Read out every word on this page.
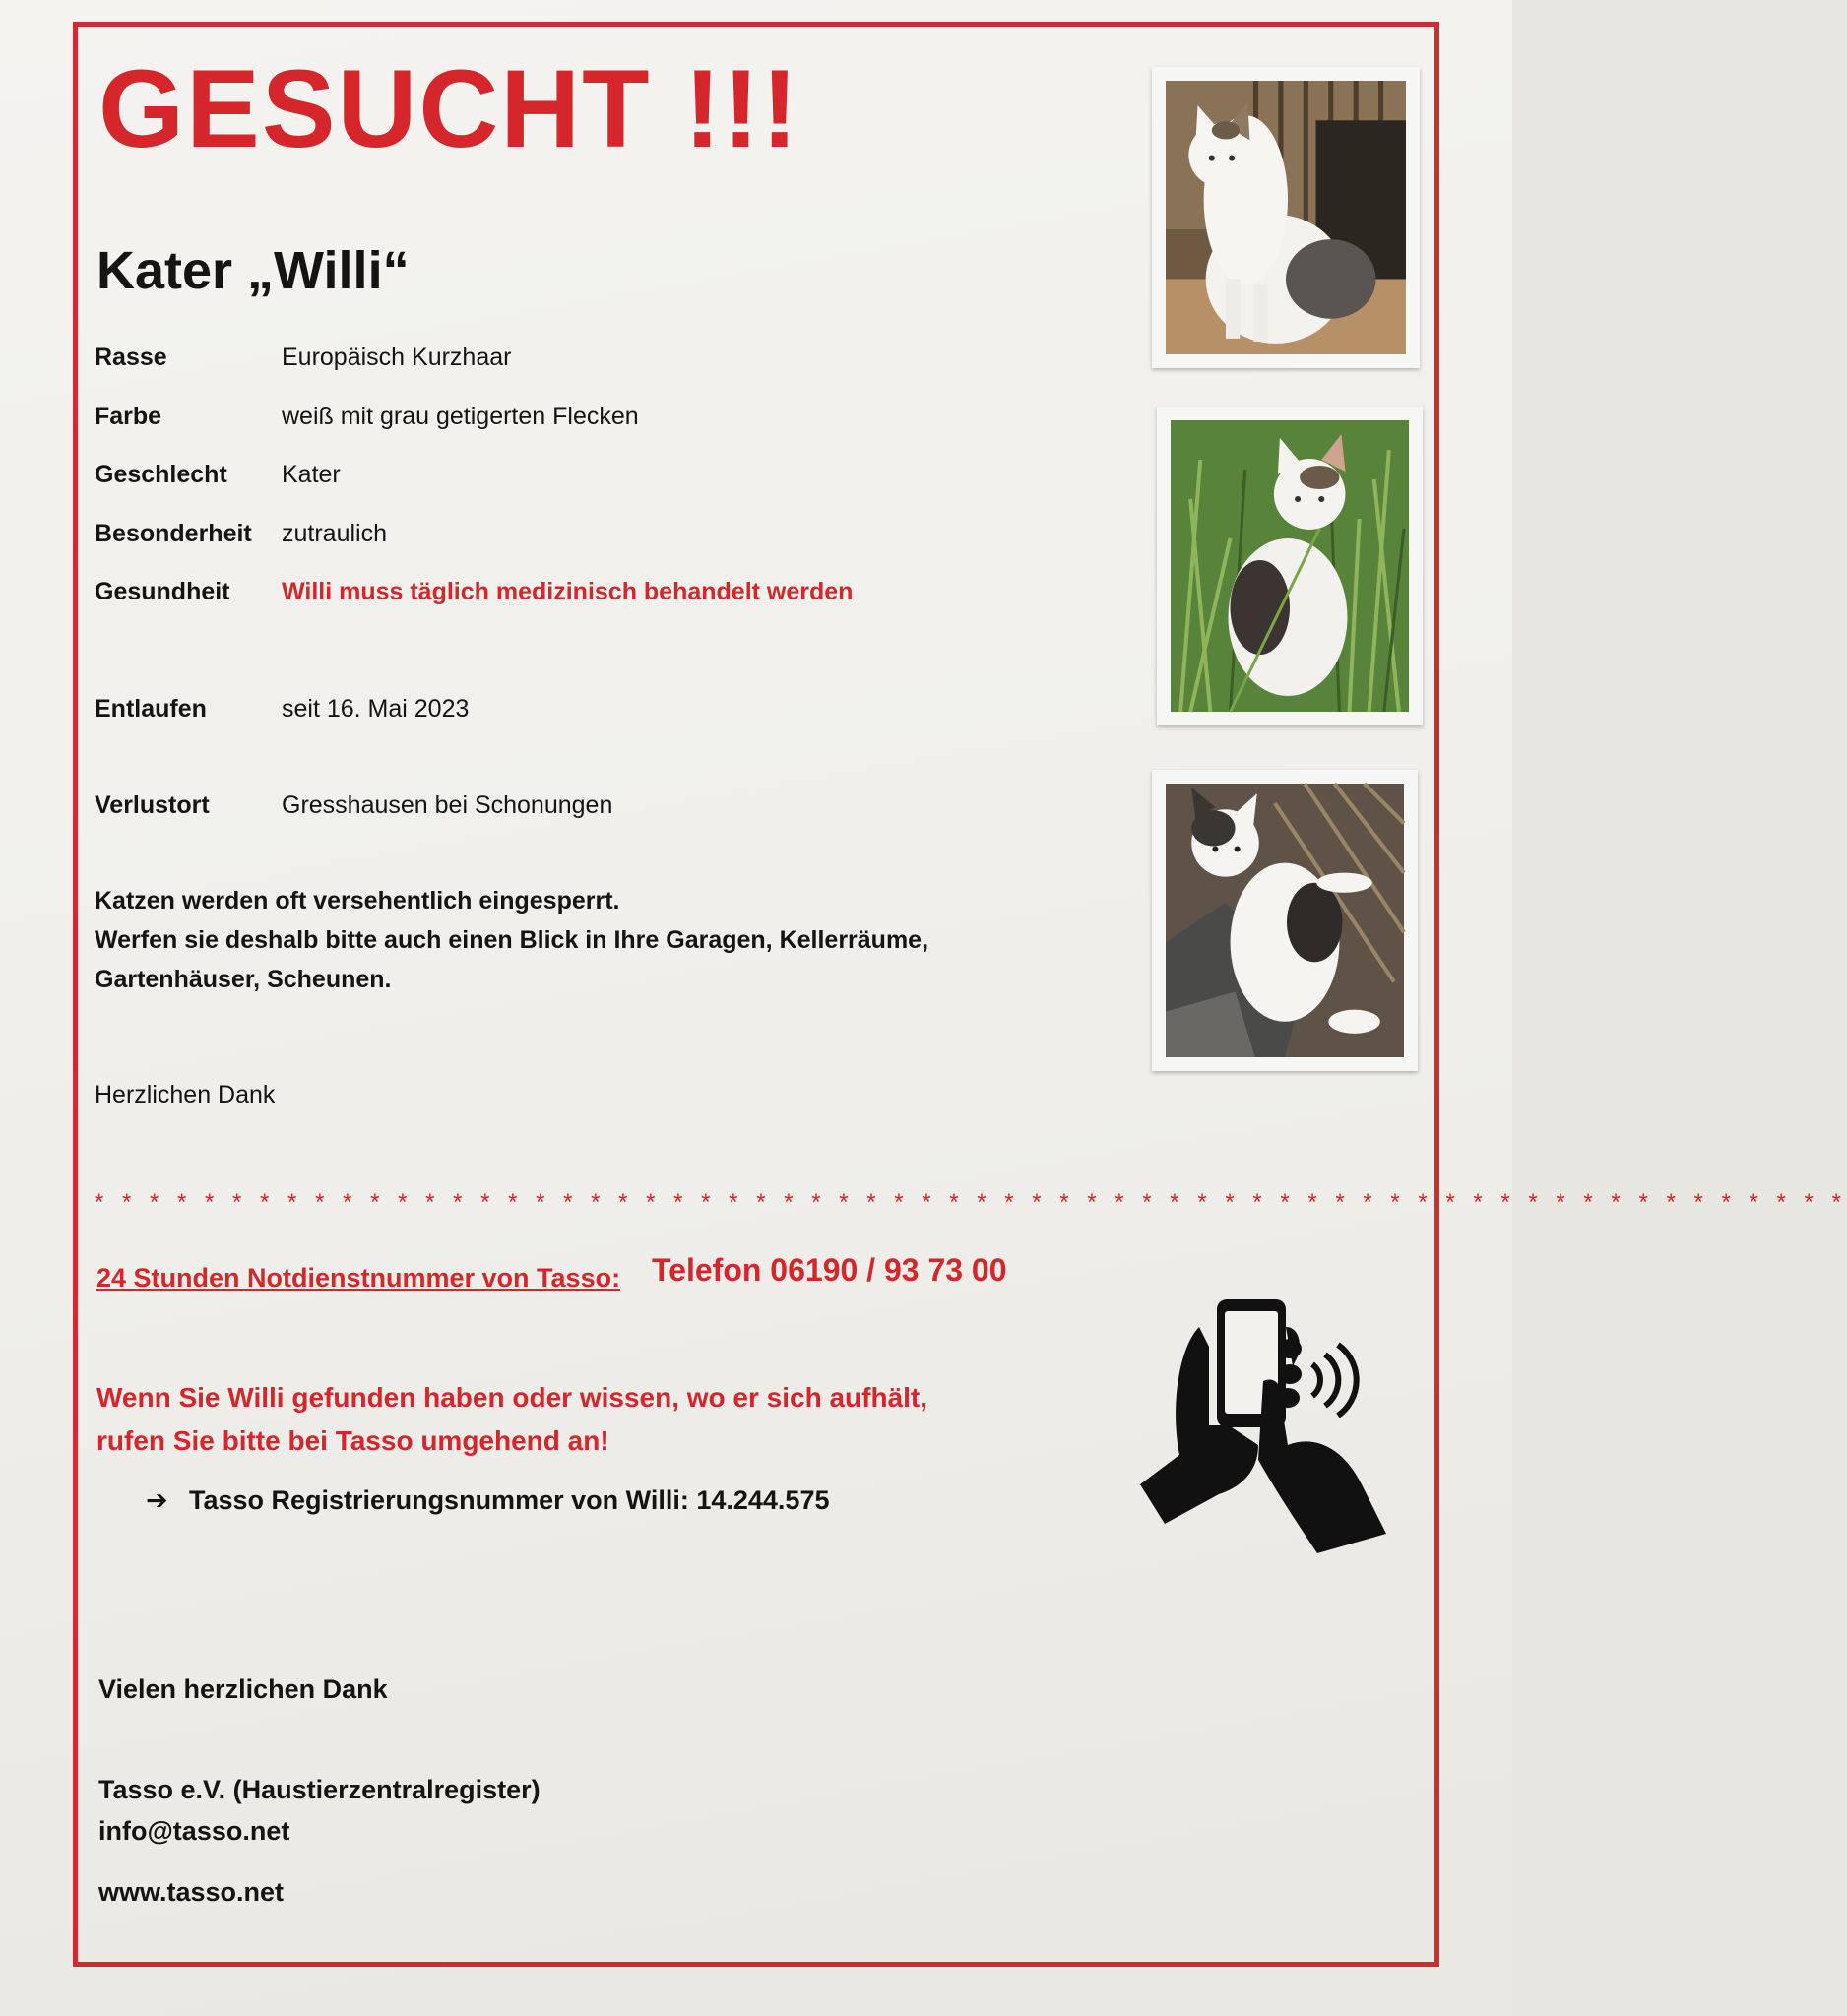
GESUCHT !!!
Kater „Willi“
Rasse	Europäisch Kurzhaar
Farbe	weiß mit grau getigerten Flecken
Geschlecht	Kater
Besonderheit	zutraulich
Gesundheit	Willi muss täglich medizinisch behandelt werden
Entlaufen	seit 16. Mai 2023
Verlustort	Gresshausen bei Schonungen
Katzen werden oft versehentlich eingesperrt.
Werfen sie deshalb bitte auch einen Blick in Ihre Garagen, Kellerräume,
Gartenhäuser, Scheunen.
Herzlichen Dank
* * * * * * * * * * * * * * * * * * * * * * * * * * * * * * * * * * * * * * * * * * * * * * * * * * * * * * * * * * * * * * * *
24 Stunden Notdienstnummer von Tasso: Telefon 06190 / 93 73 00
Wenn Sie Willi gefunden haben oder wissen, wo er sich aufhält,
rufen Sie bitte bei Tasso umgehend an!
➔ Tasso Registrierungsnummer von Willi: 14.244.575
Vielen herzlichen Dank
Tasso e.V. (Haustierzentralregister)
info@tasso.net
www.tasso.net
